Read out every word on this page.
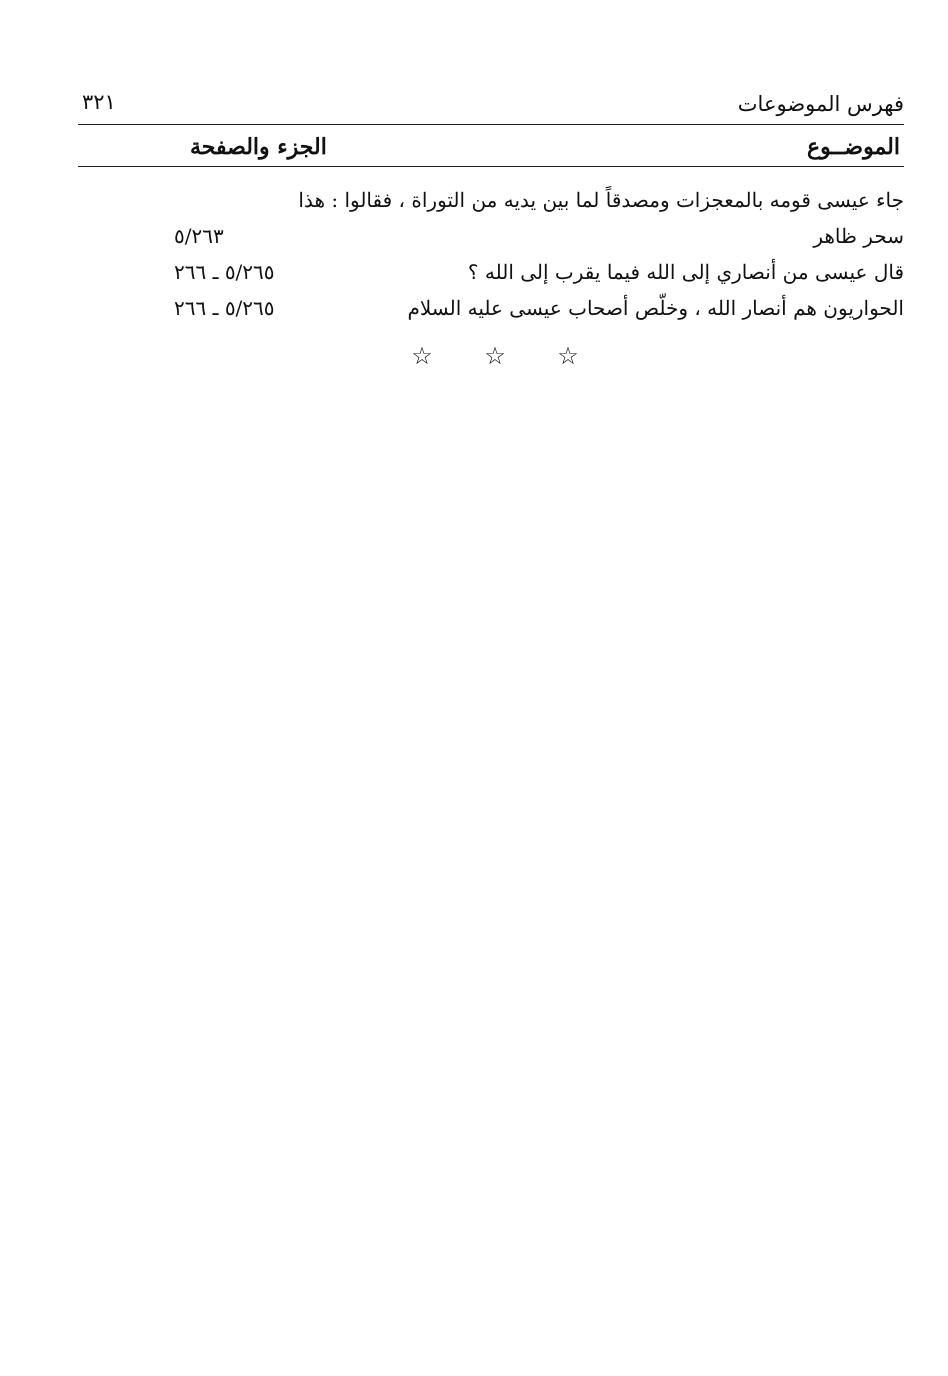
فهرس الموضوعات
٣٢١
الموضــوع
الجزء والصفحة
جاء عيسى قومه بالمعجزات ومصدقاً لما بين يديه من التوراة ، فقالوا : هذا
سحر ظاهر
٥/٢٦٣
قال عيسى من أنصاري إلى الله فيما يقرب إلى الله ؟
٥/٢٦٥ ـ ٢٦٦
الحواريون هم أنصار الله ، وخلّص أصحاب عيسى عليه السلام
٥/٢٦٥ ـ ٢٦٦
☆ ☆ ☆
